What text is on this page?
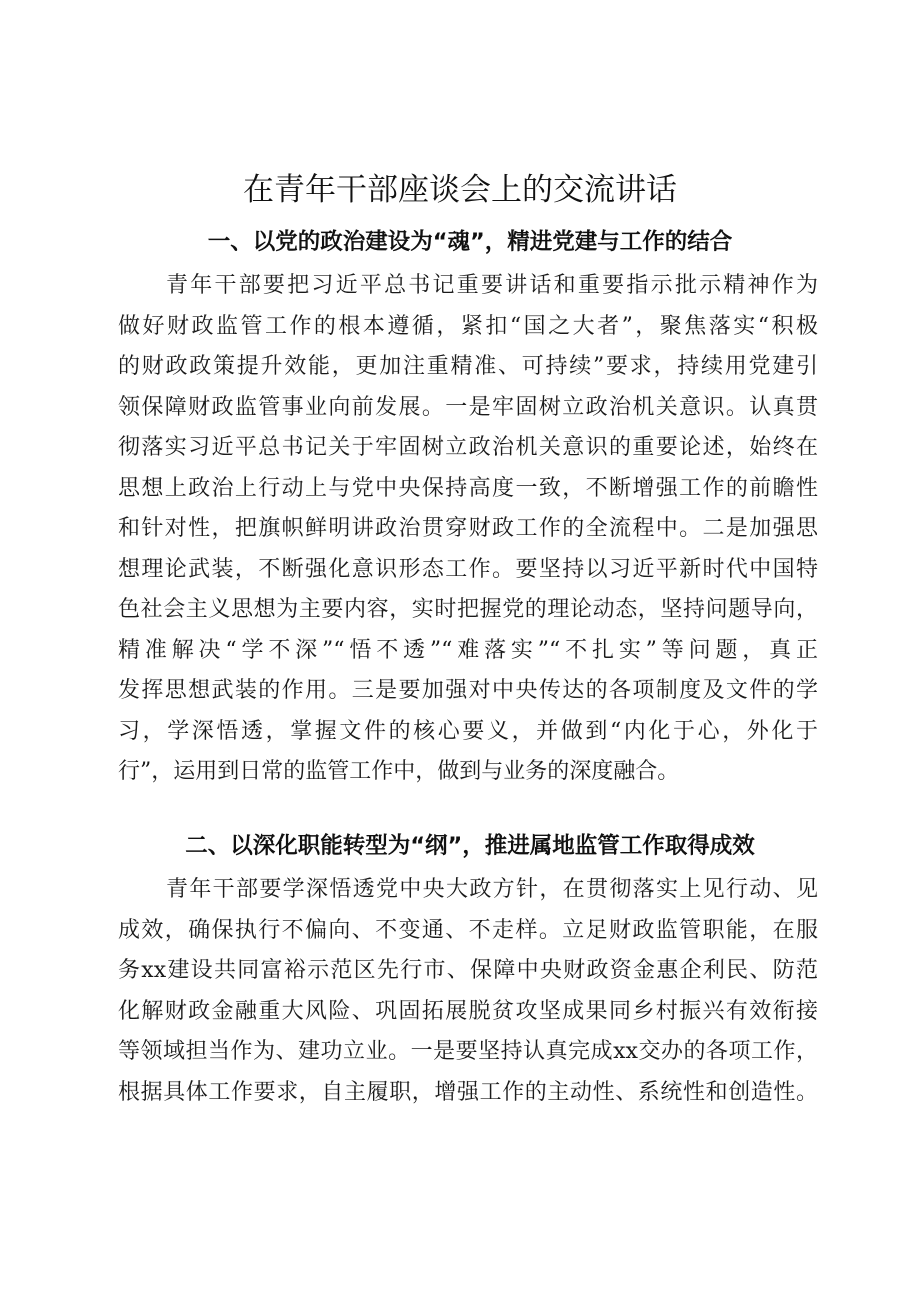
在青年干部座谈会上的交流讲话
一、以党的政治建设为“魂”，精进党建与工作的结合
青年干部要把习近平总书记重要讲话和重要指示批示精神作为
做好财政监管工作的根本遵循，紧扣“国之大者”，聚焦落实“积极
的财政政策提升效能，更加注重精准、可持续”要求，持续用党建引
领保障财政监管事业向前发展。一是牢固树立政治机关意识。认真贯
彻落实习近平总书记关于牢固树立政治机关意识的重要论述，始终在
思想上政治上行动上与党中央保持高度一致，不断增强工作的前瞻性
和针对性，把旗帜鲜明讲政治贯穿财政工作的全流程中。二是加强思
想理论武装，不断强化意识形态工作。要坚持以习近平新时代中国特
色社会主义思想为主要内容，实时把握党的理论动态，坚持问题导向，
精准解决“学不深”“悟不透”“难落实”“不扎实”等问题，真正
发挥思想武装的作用。三是要加强对中央传达的各项制度及文件的学
习，学深悟透，掌握文件的核心要义，并做到“内化于心，外化于
行”，运用到日常的监管工作中，做到与业务的深度融合。
二、以深化职能转型为“纲”，推进属地监管工作取得成效
青年干部要学深悟透党中央大政方针，在贯彻落实上见行动、见
成效，确保执行不偏向、不变通、不走样。立足财政监管职能，在服
务xx建设共同富裕示范区先行市、保障中央财政资金惠企利民、防范
化解财政金融重大风险、巩固拓展脱贫攻坚成果同乡村振兴有效衔接
等领域担当作为、建功立业。一是要坚持认真完成xx交办的各项工作，
根据具体工作要求，自主履职，增强工作的主动性、系统性和创造性。
